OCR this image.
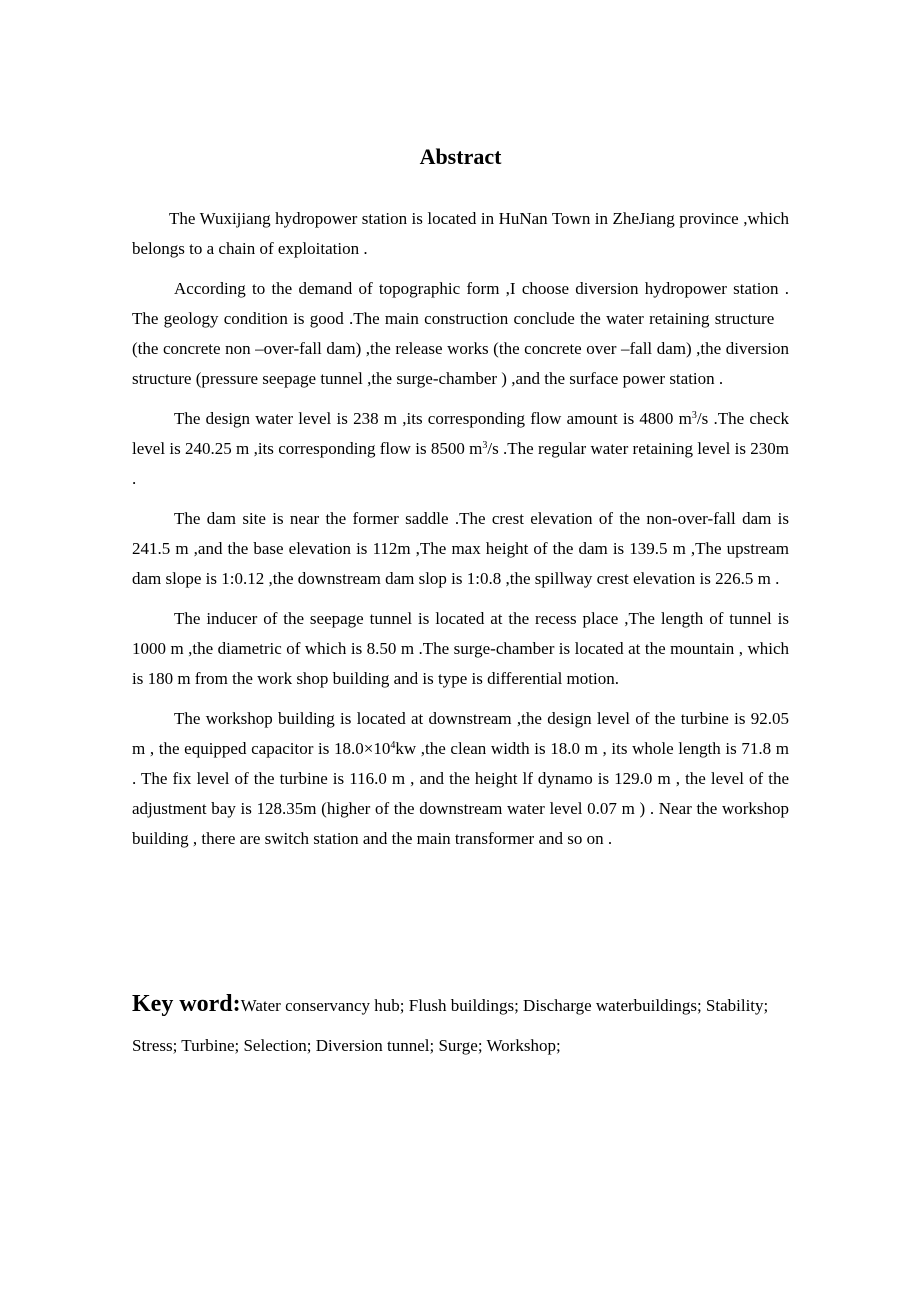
Abstract

The Wuxijiang hydropower station is located in HuNan Town in ZheJiang province ,which belongs to a chain of exploitation .

According to the demand of topographic form ,I choose diversion hydropower station . The geology condition is good .The main construction conclude the water retaining structure    (the concrete non –over-fall dam) ,the release works (the concrete over –fall dam) ,the diversion structure (pressure seepage tunnel ,the surge-chamber ) ,and the surface power station .

The design water level is 238 m ,its corresponding flow amount is 4800 $m^3/s$ .The check level is 240.25 m ,its corresponding flow is 8500 $m^3/s$ .The regular water retaining level is 230m .

The dam site is near the former saddle .The crest elevation of the non-over-fall dam is 241.5 m ,and the base elevation is 112m ,The max height of the dam is 139.5 m ,The upstream dam slope is 1:0.12 ,the downstream dam slop is 1:0.8 ,the spillway crest elevation is 226.5 m .

The inducer of the seepage tunnel is located at the recess place ,The length of tunnel is 1000 m ,the diametric of which is 8.50 m .The surge-chamber is located at the mountain , which is 180 m from the work shop building and is type is differential motion.

The workshop building is located at downstream ,the design level of the turbine is 92.05 m , the equipped capacitor is $18.0\times 10^4kw$ ,the clean width is 18.0 m , its whole length is 71.8 m . The fix level of the turbine is 116.0 m , and the height lf dynamo is 129.0 m , the level of the adjustment bay is 128.35m (higher of the downstream water level 0.07 m ) . Near the workshop building , there are switch station and the main transformer and so on .

Key word:Water conservancy hub; Flush buildings; Discharge waterbuildings; Stability; Stress; Turbine; Selection; Diversion tunnel; Surge; Workshop;
